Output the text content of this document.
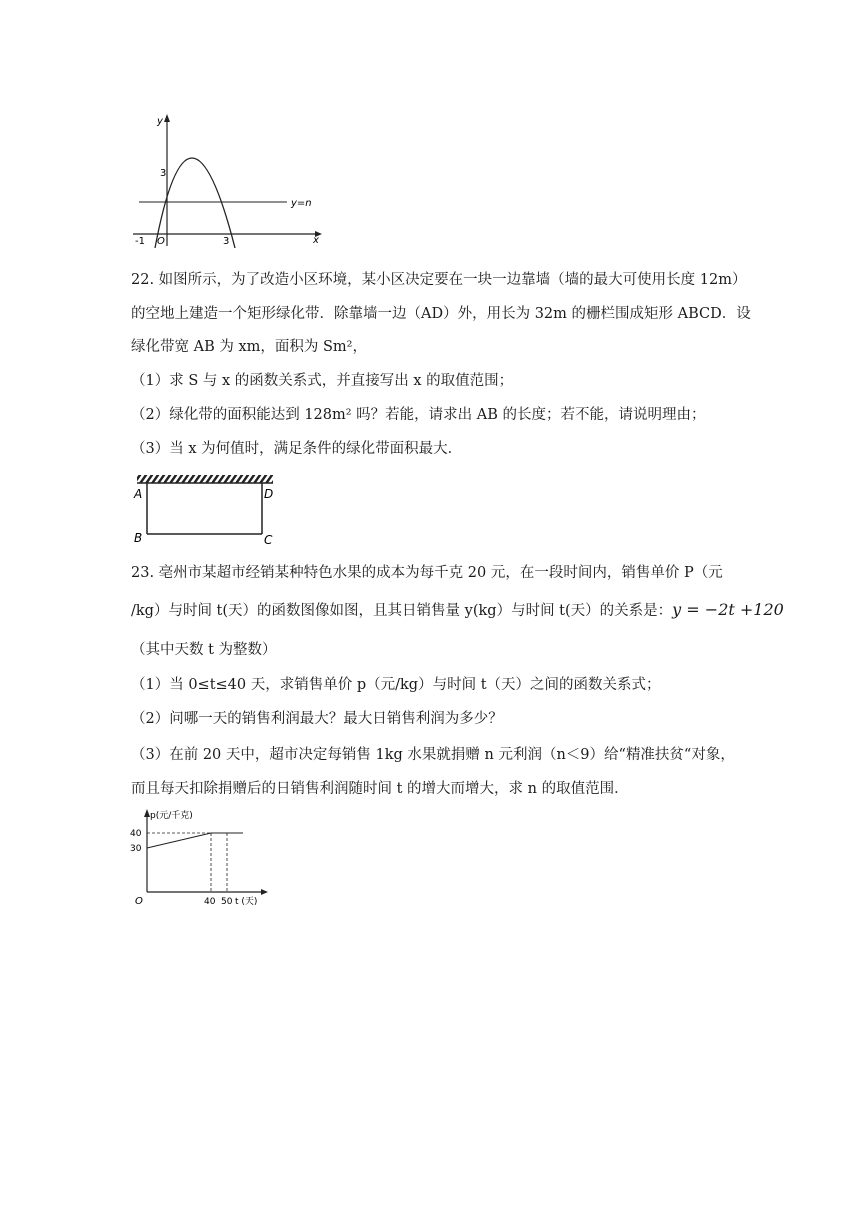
y
x
3
-1 O	3
y=n
22. 如图所示，为了改造小区环境，某小区决定要在一块一边靠墙（墙的最大可使用长度 12m）
的空地上建造一个矩形绿化带．除靠墙一边（AD）外，用长为 32m 的栅栏围成矩形 ABCD．设
绿化带宽 AB 为 xm，面积为 Sm²，
（1）求 S 与 x 的函数关系式，并直接写出 x 的取值范围；
（2）绿化带的面积能达到 128m² 吗？若能，请求出 AB 的长度；若不能，请说明理由；
（3）当 x 为何值时，满足条件的绿化带面积最大．
A
B	C
D
23. 亳州市某超市经销某种特色水果的成本为每千克 20 元，在一段时间内，销售单价 P（元
/kg）与时间 t(天）的函数图像如图，且其日销售量 y(kg）与时间 t(天）的关系是：y = −2t +120
（其中天数 t 为整数）
（1）当 0≤t≤40 天，求销售单价 p（元/kg）与时间 t（天）之间的函数关系式；
（2）问哪一天的销售利润最大？最大日销售利润为多少？
（3）在前 20 天中，超市决定每销售 1kg 水果就捐赠 n 元利润（n＜9）给“精准扶贫“对象，
而且每天扣除捐赠后的日销售利润随时间 t 的增大而增大，求 n 的取值范围．
p(元/千克)
40
30
O	40 50 t (天)
